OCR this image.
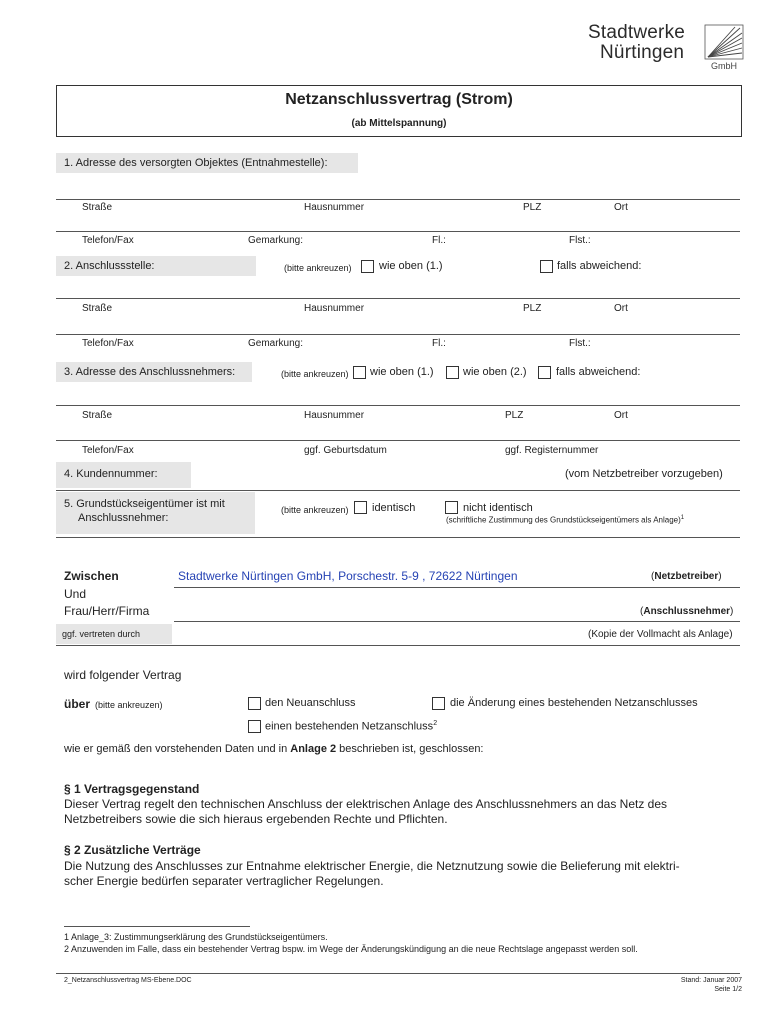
Stadtwerke
Nürtingen
GmbH
Netzanschlussvertrag (Strom)
(ab Mittelspannung)
1. Adresse des versorgten Objektes (Entnahmestelle):
Straße	Hausnummer	PLZ	Ort
Telefon/Fax	Gemarkung:	Fl.:	Flst.:
2. Anschlussstelle:	(bitte ankreuzen) wie oben (1.)	falls abweichend:
Straße	Hausnummer	PLZ	Ort
Telefon/Fax	Gemarkung:	Fl.:	Flst.:
3. Adresse des Anschlussnehmers:	(bitte ankreuzen) wie oben (1.)	wie oben (2.)	falls abweichend:
Straße	Hausnummer	PLZ	Ort
Telefon/Fax	ggf. Geburtsdatum	ggf. Registernummer
4. Kundennummer:	(vom Netzbetreiber vorzugeben)
5. Grundstückseigentümer ist mit
Anschlussnehmer:
(bitte ankreuzen) identisch	nicht identisch
(schriftliche Zustimmung des Grundstückseigentümers als Anlage)$^1$
Zwischen	Stadtwerke Nürtingen GmbH, Porschestr. 5-9 , 72622 Nürtingen	(Netzbetreiber)
Und
Frau/Herr/Firma	(Anschlussnehmer)
ggf. vertreten durch	(Kopie der Vollmacht als Anlage)
wird folgender Vertrag
über (bitte ankreuzen)	den Neuanschluss	die Änderung eines bestehenden Netzanschlusses
einen bestehenden Netzanschluss$^2$
wie er gemäß den vorstehenden Daten und in Anlage 2 beschrieben ist, geschlossen:
§ 1 Vertragsgegenstand
Dieser Vertrag regelt den technischen Anschluss der elektrischen Anlage des Anschlussnehmers an das Netz des
Netzbetreibers sowie die sich hieraus ergebenden Rechte und Pflichten.
§ 2 Zusätzliche Verträge
Die Nutzung des Anschlusses zur Entnahme elektrischer Energie, die Netznutzung sowie die Belieferung mit elektri-
scher Energie bedürfen separater vertraglicher Regelungen.
1 Anlage_3: Zustimmungserklärung des Grundstückseigentümers.
2 Anzuwenden im Falle, dass ein bestehender Vertrag bspw. im Wege der Änderungskündigung an die neue Rechtslage angepasst werden soll.
2_Netzanschlussvertrag MS-Ebene.DOC	Stand: Januar 2007
Seite 1/2
